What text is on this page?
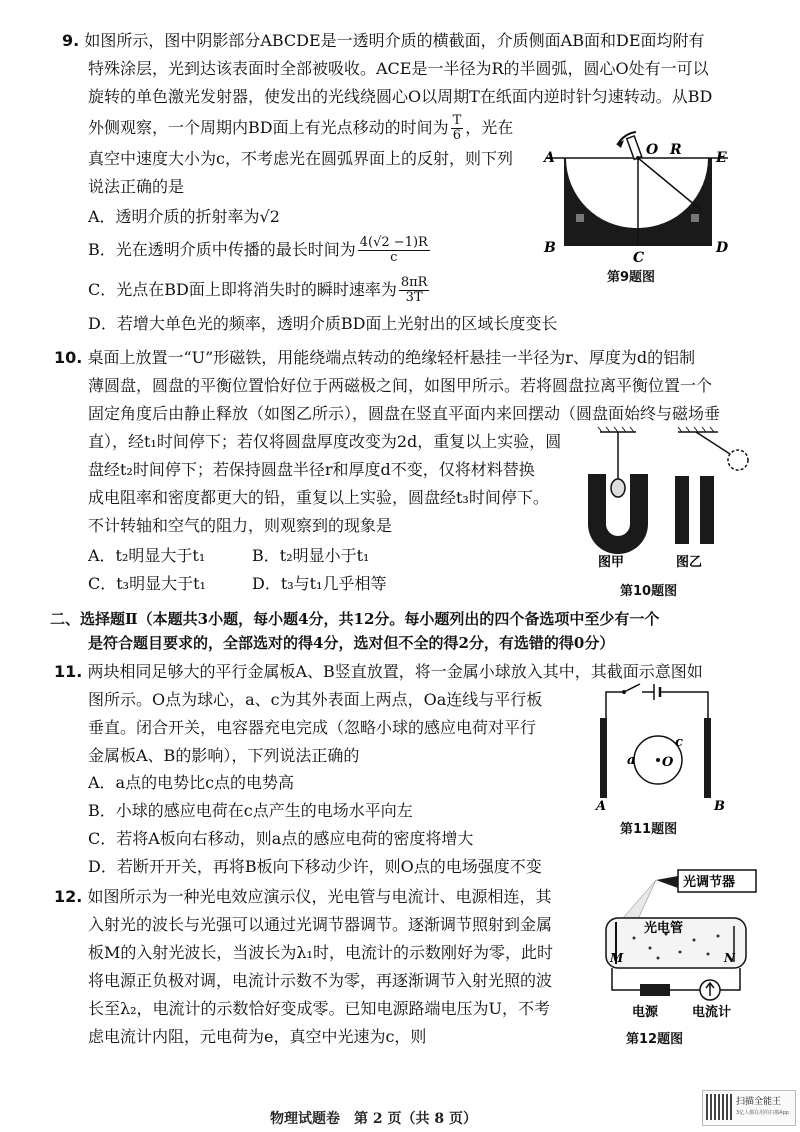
9. 如图所示，图中阴影部分ABCDE是一透明介质的横截面，介质侧面AB面和DE面均附有
特殊涂层，光到达该表面时全部被吸收。ACE是一半径为R的半圆弧，圆心O处有一可以
旋转的单色激光发射器，使发出的光线绕圆心O以周期T在纸面内逆时针匀速转动。从BD
外侧观察，一个周期内BD面上有光点移动的时间为 $\frac{T}{6}$ ，光在
真空中速度大小为c，不考虑光在圆弧界面上的反射，则下列
说法正确的是
A．透明介质的折射率为√2
B．光在透明介质中传播的最长时间为 $\frac{4(√2 -1)R}{c}$
C．光点在BD面上即将消失时的瞬时速率为 $\frac{8\pi R}{3T}$
D．若增大单色光的频率，透明介质BD面上光射出的区域长度变长
A	E
O R
B
C
D
第9题图
10. 桌面上放置一“U”形磁铁，用能绕端点转动的绝缘轻杆悬挂一半径为r、厚度为d的铝制
薄圆盘，圆盘的平衡位置恰好位于两磁极之间，如图甲所示。若将圆盘拉离平衡位置一个
固定角度后由静止释放（如图乙所示），圆盘在竖直平面内来回摆动（圆盘面始终与磁场垂
直），经t₁时间停下；若仅将圆盘厚度改变为2d，重复以上实验，圆
盘经t₂时间停下；若保持圆盘半径r和厚度d不变，仅将材料替换
成电阻率和密度都更大的铅，重复以上实验，圆盘经t₃时间停下。
不计转轴和空气的阻力，则观察到的现象是
A．t₂明显大于t₁	B．t₂明显小于t₁
C．t₃明显大于t₁	D．t₃与t₁几乎相等
图甲	图乙
第10题图
二、选择题Ⅱ（本题共3小题，每小题4分，共12分。每小题列出的四个备选项中至少有一个
是符合题目要求的，全部选对的得4分，选对但不全的得2分，有选错的得0分）
11. 两块相同足够大的平行金属板A、B竖直放置，将一金属小球放入其中，其截面示意图如
图所示。O点为球心，a、c为其外表面上两点，Oa连线与平行板
垂直。闭合开关，电容器充电完成（忽略小球的感应电荷对平行
金属板A、B的影响），下列说法正确的
A．a点的电势比c点的电势高
B．小球的感应电荷在c点产生的电场水平向左
C．若将A板向右移动，则a点的感应电荷的密度将增大
D．若断开开关，再将B板向下移动少许，则O点的电场强度不变
a
c
O
A	B
第11题图
12. 如图所示为一种光电效应演示仪，光电管与电流计、电源相连，其
入射光的波长与光强可以通过光调节器调节。逐渐调节照射到金属
板M的入射光波长，当波长为λ₁时，电流计的示数刚好为零，此时
将电源正负极对调，电流计示数不为零，再逐渐调节入射光照的波
长至λ₂，电流计的示数恰好变成零。已知电源路端电压为U，不考
虑电流计内阻，元电荷为e，真空中光速为c，则
光调节器
光电管
M	N
电源	电流计
第12题图
物理试题卷　第 2 页（共 8 页）
扫描全能王
3亿人都在用的扫描App
